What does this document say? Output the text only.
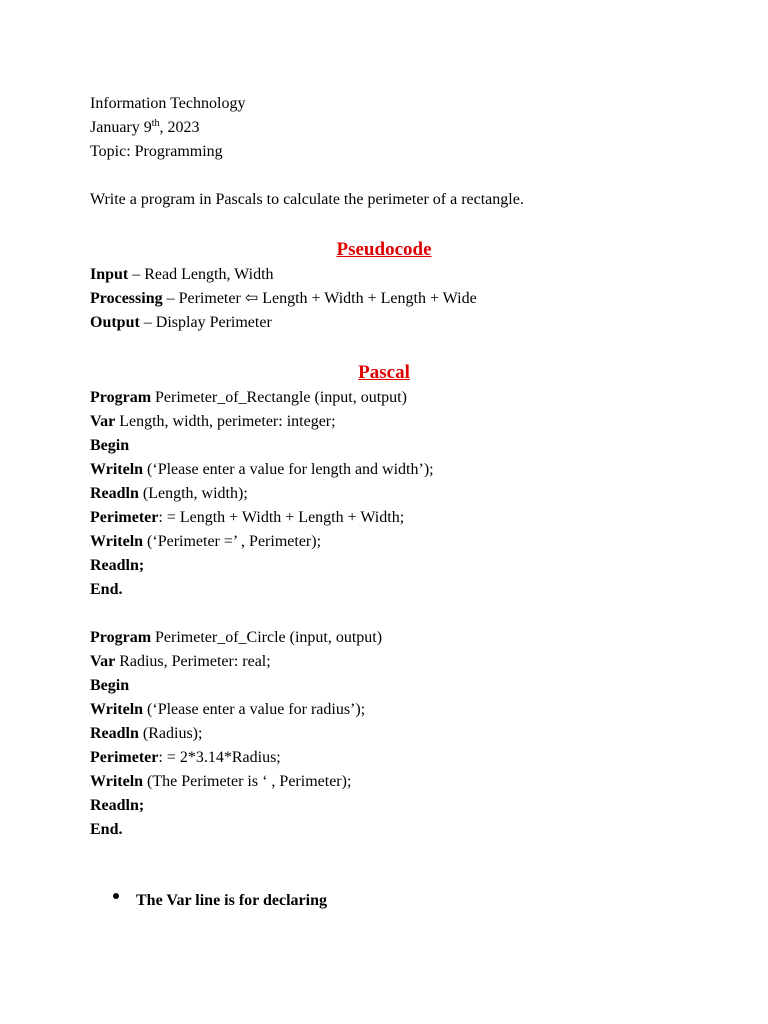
Information Technology
January 9th, 2023
Topic: Programming
Write a program in Pascals to calculate the perimeter of a rectangle.
Pseudocode
Input – Read Length, Width
Processing – Perimeter ⇦ Length + Width + Length + Wide
Output – Display Perimeter
Pascal
Program Perimeter_of_Rectangle (input, output)
Var Length, width, perimeter: integer;
Begin
Writeln (‘Please enter a value for length and width’);
Readln (Length, width);
Perimeter: = Length + Width + Length + Width;
Writeln (‘Perimeter =’ , Perimeter);
Readln;
End.
Program Perimeter_of_Circle (input, output)
Var Radius, Perimeter: real;
Begin
Writeln (‘Please enter a value for radius’);
Readln (Radius);
Perimeter: = 2*3.14*Radius;
Writeln (The Perimeter is ‘ , Perimeter);
Readln;
End.
The Var line is for declaring
